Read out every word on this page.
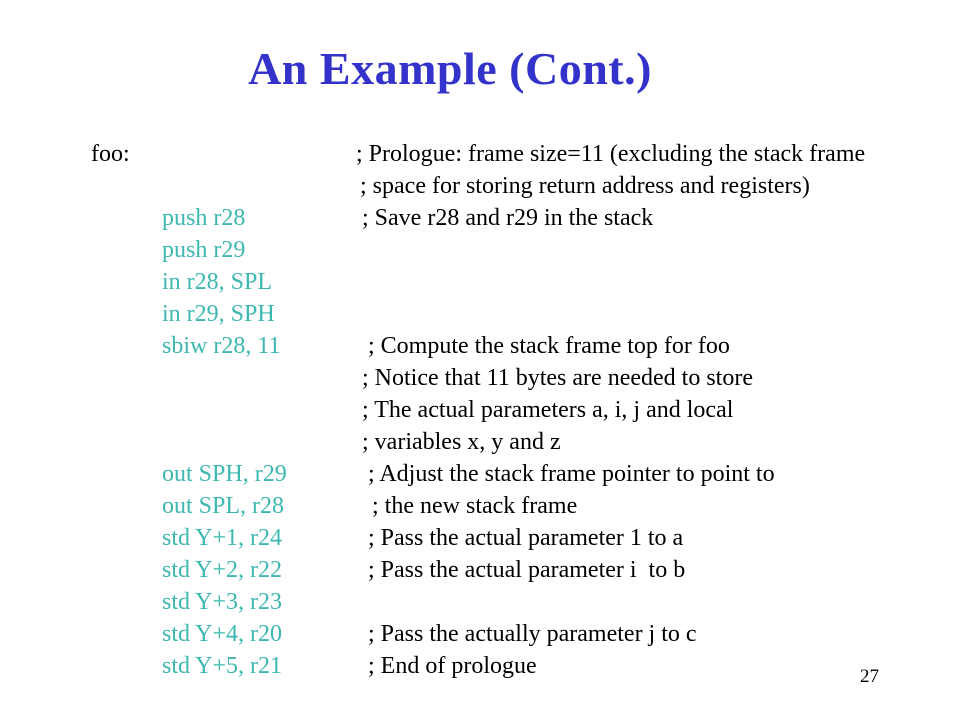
An Example (Cont.)
foo:
push r28
push r29
in r28, SPL
in r29, SPH
sbiw r28, 11
out SPH, r29
out SPL, r28
std Y+1, r24
std Y+2, r22
std Y+3, r23
std Y+4, r20
std Y+5, r21
; Prologue: frame size=11 (excluding the stack frame
; space for storing return address and registers)
; Save r28 and r29 in the stack
; Compute the stack frame top for foo
; Notice that 11 bytes are needed to store
; The actual parameters a, i, j and local
; variables x, y and z
; Adjust the stack frame pointer to point to
; the new stack frame
; Pass the actual parameter 1 to a
; Pass the actual parameter i  to b
; Pass the actually parameter j to c
; End of prologue	27
